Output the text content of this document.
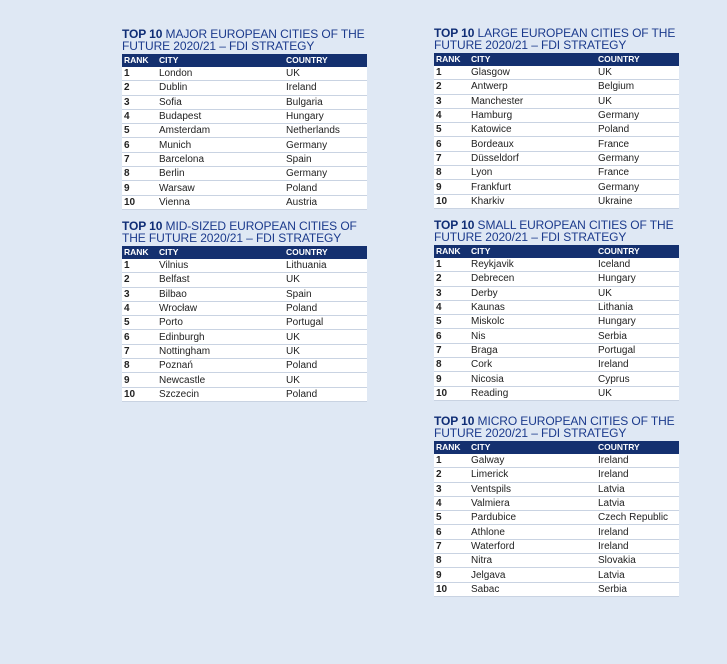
TOP 10 MAJOR EUROPEAN CITIES OF THE FUTURE 2020/21 – FDI STRATEGY
RANK	CITY	COUNTRY
1	London	UK
2	Dublin	Ireland
3	Sofia	Bulgaria
4	Budapest	Hungary
5	Amsterdam	Netherlands
6	Munich	Germany
7	Barcelona	Spain
8	Berlin	Germany
9	Warsaw	Poland
10	Vienna	Austria
TOP 10 LARGE EUROPEAN CITIES OF THE FUTURE 2020/21 – FDI STRATEGY
RANK	CITY	COUNTRY
1	Glasgow	UK
2	Antwerp	Belgium
3	Manchester	UK
4	Hamburg	Germany
5	Katowice	Poland
6	Bordeaux	France
7	Düsseldorf	Germany
8	Lyon	France
9	Frankfurt	Germany
10	Kharkiv	Ukraine
TOP 10 MID-SIZED EUROPEAN CITIES OF THE FUTURE 2020/21 – FDI STRATEGY
RANK	CITY	COUNTRY
1	Vilnius	Lithuania
2	Belfast	UK
3	Bilbao	Spain
4	Wrocław	Poland
5	Porto	Portugal
6	Edinburgh	UK
7	Nottingham	UK
8	Poznań	Poland
9	Newcastle	UK
10	Szczecin	Poland
TOP 10 SMALL EUROPEAN CITIES OF THE FUTURE 2020/21 – FDI STRATEGY
RANK	CITY	COUNTRY
1	Reykjavik	Iceland
2	Debrecen	Hungary
3	Derby	UK
4	Kaunas	Lithania
5	Miskolc	Hungary
6	Nis	Serbia
7	Braga	Portugal
8	Cork	Ireland
9	Nicosia	Cyprus
10	Reading	UK
TOP 10 MICRO EUROPEAN CITIES OF THE FUTURE 2020/21 – FDI STRATEGY
RANK	CITY	COUNTRY
1	Galway	Ireland
2	Limerick	Ireland
3	Ventspils	Latvia
4	Valmiera	Latvia
5	Pardubice	Czech Republic
6	Athlone	Ireland
7	Waterford	Ireland
8	Nitra	Slovakia
9	Jelgava	Latvia
10	Sabac	Serbia
